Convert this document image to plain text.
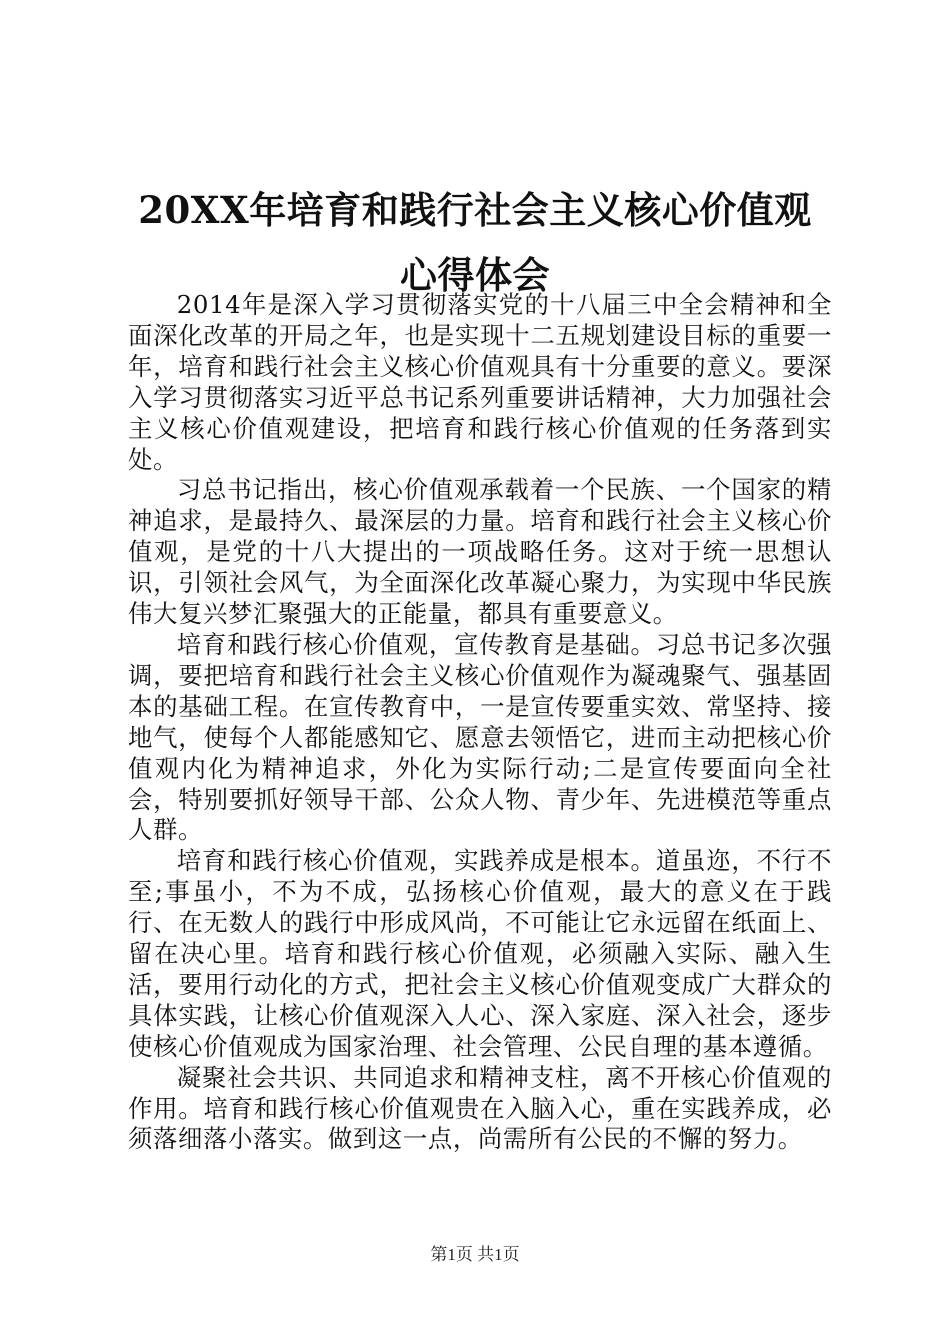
20XX年培育和践行社会主义核心价值观心得体会

2014年是深入学习贯彻落实党的十八届三中全会精神和全面深化改革的开局之年，也是实现十二五规划建设目标的重要一年，培育和践行社会主义核心价值观具有十分重要的意义。要深入学习贯彻落实习近平总书记系列重要讲话精神，大力加强社会主义核心价值观建设，把培育和践行核心价值观的任务落到实处。

习总书记指出，核心价值观承载着一个民族、一个国家的精神追求，是最持久、最深层的力量。培育和践行社会主义核心价值观，是党的十八大提出的一项战略任务。这对于统一思想认识，引领社会风气，为全面深化改革凝心聚力，为实现中华民族伟大复兴梦汇聚强大的正能量，都具有重要意义。

培育和践行核心价值观，宣传教育是基础。习总书记多次强调，要把培育和践行社会主义核心价值观作为凝魂聚气、强基固本的基础工程。在宣传教育中，一是宣传要重实效、常坚持、接地气，使每个人都能感知它、愿意去领悟它，进而主动把核心价值观内化为精神追求，外化为实际行动;二是宣传要面向全社会，特别要抓好领导干部、公众人物、青少年、先进模范等重点人群。

培育和践行核心价值观，实践养成是根本。道虽迩，不行不至;事虽小，不为不成，弘扬核心价值观，最大的意义在于践行、在无数人的践行中形成风尚，不可能让它永远留在纸面上、留在决心里。培育和践行核心价值观，必须融入实际、融入生活，要用行动化的方式，把社会主义核心价值观变成广大群众的具体实践，让核心价值观深入人心、深入家庭、深入社会，逐步使核心价值观成为国家治理、社会管理、公民自理的基本遵循。

凝聚社会共识、共同追求和精神支柱，离不开核心价值观的作用。培育和践行核心价值观贵在入脑入心，重在实践养成，必须落细落小落实。做到这一点，尚需所有公民的不懈的努力。

第1页 共1页
